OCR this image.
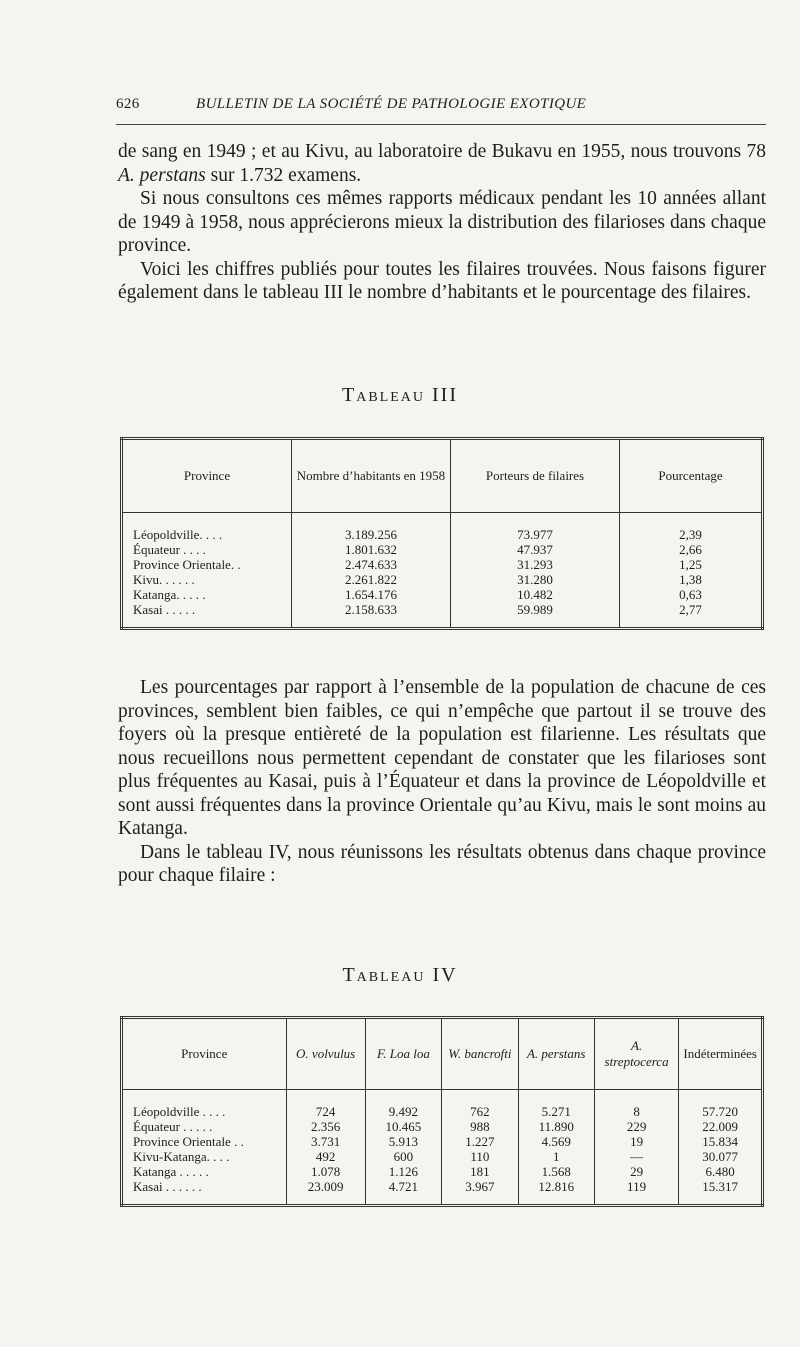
626	BULLETIN DE LA SOCIÉTÉ DE PATHOLOGIE EXOTIQUE

de sang en 1949 ; et au Kivu, au laboratoire de Bukavu en 1955, nous trouvons 78 A. perstans sur 1.732 examens.

Si nous consultons ces mêmes rapports médicaux pendant les 10 années allant de 1949 à 1958, nous apprécierons mieux la distribution des filarioses dans chaque province.

Voici les chiffres publiés pour toutes les filaires trouvées. Nous faisons figurer également dans le tableau III le nombre d’habitants et le pourcentage des filaires.

Tableau III
Province	Nombre d’habitants en 1958	Porteurs de filaires	Pourcentage
Léopoldville. . . .	3.189.256	73.977	2,39
Équateur . . . .	1.801.632	47.937	2,66
Province Orientale. .	2.474.633	31.293	1,25
Kivu. . . . . .	2.261.822	31.280	1,38
Katanga. . . . .	1.654.176	10.482	0,63
Kasai . . . . .	2.158.633	59.989	2,77

Les pourcentages par rapport à l’ensemble de la population de chacune de ces provinces, semblent bien faibles, ce qui n’empêche que partout il se trouve des foyers où la presque entièreté de la population est filarienne. Les résultats que nous recueillons nous permettent cependant de constater que les filarioses sont plus fréquentes au Kasai, puis à l’Équateur et dans la province de Léopoldville et sont aussi fréquentes dans la province Orientale qu’au Kivu, mais le sont moins au Katanga.

Dans le tableau IV, nous réunissons les résultats obtenus dans chaque province pour chaque filaire :

Tableau IV
Province	O. volvulus	F. Loa loa	W. bancrofti	A. perstans	A. streptocerca	Indéterminées
Léopoldville . . . .	724	9.492	762	5.271	8	57.720
Équateur . . . . .	2.356	10.465	988	11.890	229	22.009
Province Orientale . .	3.731	5.913	1.227	4.569	19	15.834
Kivu-Katanga. . . .	492	600	110	1	—	30.077
Katanga . . . . .	1.078	1.126	181	1.568	29	6.480
Kasai . . . . . .	23.009	4.721	3.967	12.816	119	15.317
